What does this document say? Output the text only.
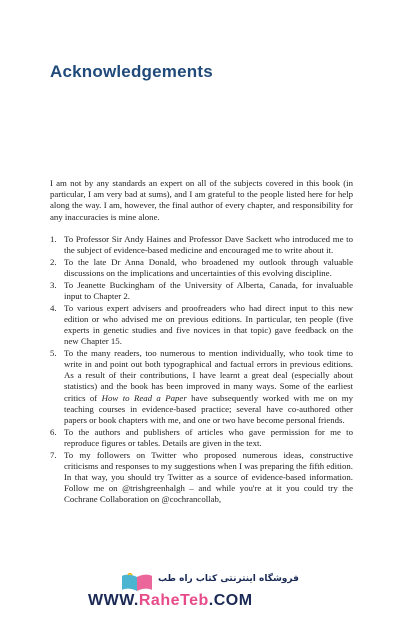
Acknowledgements

I am not by any standards an expert on all of the subjects covered in this book (in particular, I am very bad at sums), and I am grateful to the people listed here for help along the way. I am, however, the final author of every chapter, and responsibility for any inaccuracies is mine alone.

1. To Professor Sir Andy Haines and Professor Dave Sackett who introduced me to the subject of evidence-based medicine and encouraged me to write about it.
2. To the late Dr Anna Donald, who broadened my outlook through valuable discussions on the implications and uncertainties of this evolving discipline.
3. To Jeanette Buckingham of the University of Alberta, Canada, for invaluable input to Chapter 2.
4. To various expert advisers and proofreaders who had direct input to this new edition or who advised me on previous editions. In particular, ten people (five experts in genetic studies and five novices in that topic) gave feedback on the new Chapter 15.
5. To the many readers, too numerous to mention individually, who took time to write in and point out both typographical and factual errors in previous editions. As a result of their contributions, I have learnt a great deal (especially about statistics) and the book has been improved in many ways. Some of the earliest critics of How to Read a Paper have subsequently worked with me on my teaching courses in evidence-based practice; several have co-authored other papers or book chapters with me, and one or two have become personal friends.
6. To the authors and publishers of articles who gave permission for me to reproduce figures or tables. Details are given in the text.
7. To my followers on Twitter who proposed numerous ideas, constructive criticisms and responses to my suggestions when I was preparing the fifth edition. In that way, you should try Twitter as a source of evidence-based information. Follow me on @trishgreenhalgh – and while you're at it you could try the Cochrane Collaboration on @cochrancollab,
فروشگاه اینترنتی کتاب راه طب
WWW.RaheTeb.COM
